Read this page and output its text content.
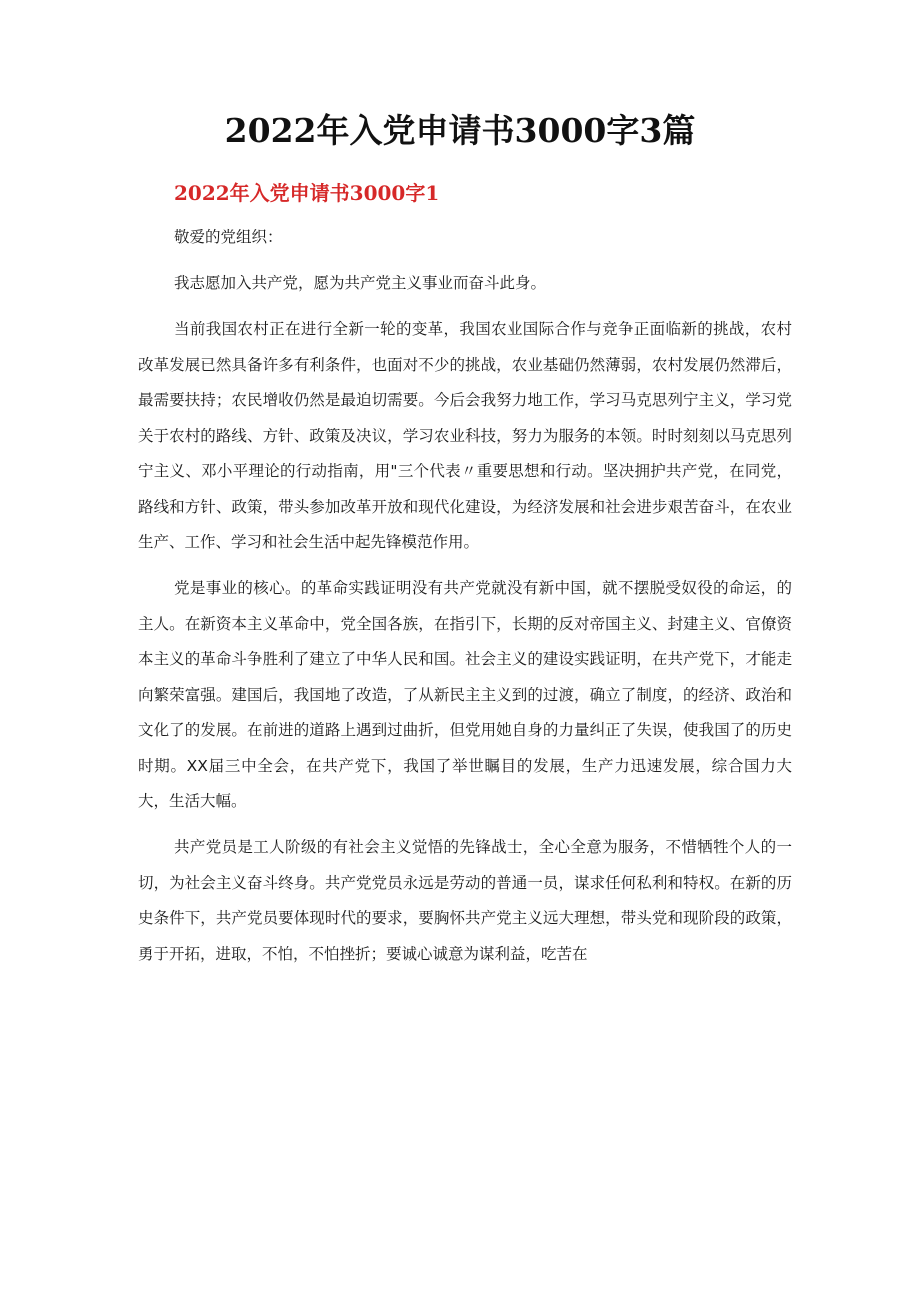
2022年入党申请书3000字3篇
2022年入党申请书3000字1

敬爱的党组织：

我志愿加入共产党，愿为共产党主义事业而奋斗此身。

当前我国农村正在进行全新一轮的变革，我国农业国际合作与竞争正面临新的挑战，农村改革发展已然具备许多有利条件，也面对不少的挑战，农业基础仍然薄弱，农村发展仍然滞后，最需要扶持；农民增收仍然是最迫切需要。今后会我努力地工作，学习马克思列宁主义，学习党关于农村的路线、方针、政策及决议，学习农业科技，努力为服务的本领。时时刻刻以马克思列宁主义、邓小平理论的行动指南，用"三个代表〃重要思想和行动。坚决拥护共产党，在同党，路线和方针、政策，带头参加改革开放和现代化建设，为经济发展和社会进步艰苦奋斗，在农业生产、工作、学习和社会生活中起先锋模范作用。

党是事业的核心。的革命实践证明没有共产党就没有新中国，就不摆脱受奴役的命运，的主人。在新资本主义革命中，党全国各族，在指引下，长期的反对帝国主义、封建主义、官僚资本主义的革命斗争胜利了建立了中华人民和国。社会主义的建设实践证明，在共产党下，才能走向繁荣富强。建国后，我国地了改造，了从新民主主义到的过渡，确立了制度，的经济、政治和文化了的发展。在前进的道路上遇到过曲折，但党用她自身的力量纠正了失误，使我国了的历史时期。XX届三中全会，在共产党下，我国了举世瞩目的发展，生产力迅速发展，综合国力大大，生活大幅。

共产党员是工人阶级的有社会主义觉悟的先锋战士，全心全意为服务，不惜牺牲个人的一切，为社会主义奋斗终身。共产党党员永远是劳动的普通一员，谋求任何私利和特权。在新的历史条件下，共产党员要体现时代的要求，要胸怀共产党主义远大理想，带头党和现阶段的政策，勇于开拓，进取，不怕，不怕挫折；要诚心诚意为谋利益，吃苦在
